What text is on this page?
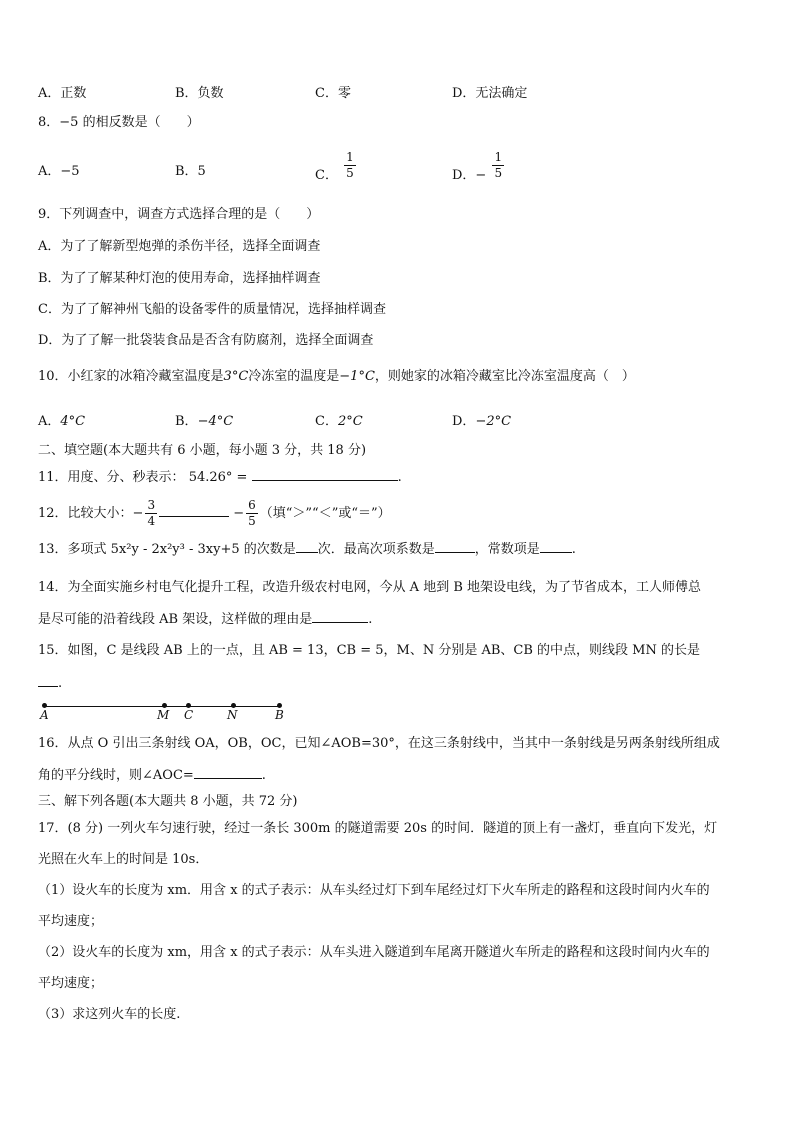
A．正数	B．负数	C．零	D．无法确定
8．−5 的相反数是（　　）
A．−5	B．5	C． $\frac{1}{5}$	D．− $\frac{1}{5}$
9．下列调查中，调查方式选择合理的是（　　）
A．为了了解新型炮弹的杀伤半径，选择全面调查
B．为了了解某种灯泡的使用寿命，选择抽样调查
C．为了了解神州飞船的设备零件的质量情况，选择抽样调查
D．为了了解一批袋装食品是否含有防腐剂，选择全面调查
10．小红家的冰箱冷藏室温度是3°C冷冻室的温度是−1°C，则她家的冰箱冷藏室比冷冻室温度高（　）
A．4°C	B．−4°C	C．2°C	D．−2°C
二、填空题(本大题共有 6 小题，每小题 3 分，共 18 分)
11．用度、分、秒表示： 54.26° =	.
12．比较大小：− $\frac{3}{4}$	− $\frac{6}{5}$ （填“＞”“＜”或“＝”）
13．多项式 5x²y - 2x²y³ - 3xy+5 的次数是 次．最高次项系数是	，常数项是 .
14．为全面实施乡村电气化提升工程，改造升级农村电网，今从 A 地到 B 地架设电线，为了节省成本，工人师傅总
是尽可能的沿着线段 AB 架设，这样做的理由是	.
15．如图，C 是线段 AB 上的一点，且 AB = 13，CB = 5，M、N 分别是 AB、CB 的中点，则线段 MN 的长是
.
A	M C	N	B
16．从点 O 引出三条射线 OA，OB，OC，已知∠AOB=30°，在这三条射线中，当其中一条射线是另两条射线所组成
角的平分线时，则∠AOC=	.
三、解下列各题(本大题共 8 小题，共 72 分)
17．(8 分) 一列火车匀速行驶，经过一条长 300m 的隧道需要 20s 的时间．隧道的顶上有一盏灯，垂直向下发光，灯
光照在火车上的时间是 10s．
（1）设火车的长度为 xm．用含 x 的式子表示：从车头经过灯下到车尾经过灯下火车所走的路程和这段时间内火车的
平均速度；
（2）设火车的长度为 xm，用含 x 的式子表示：从车头进入隧道到车尾离开隧道火车所走的路程和这段时间内火车的
平均速度；
（3）求这列火车的长度.
